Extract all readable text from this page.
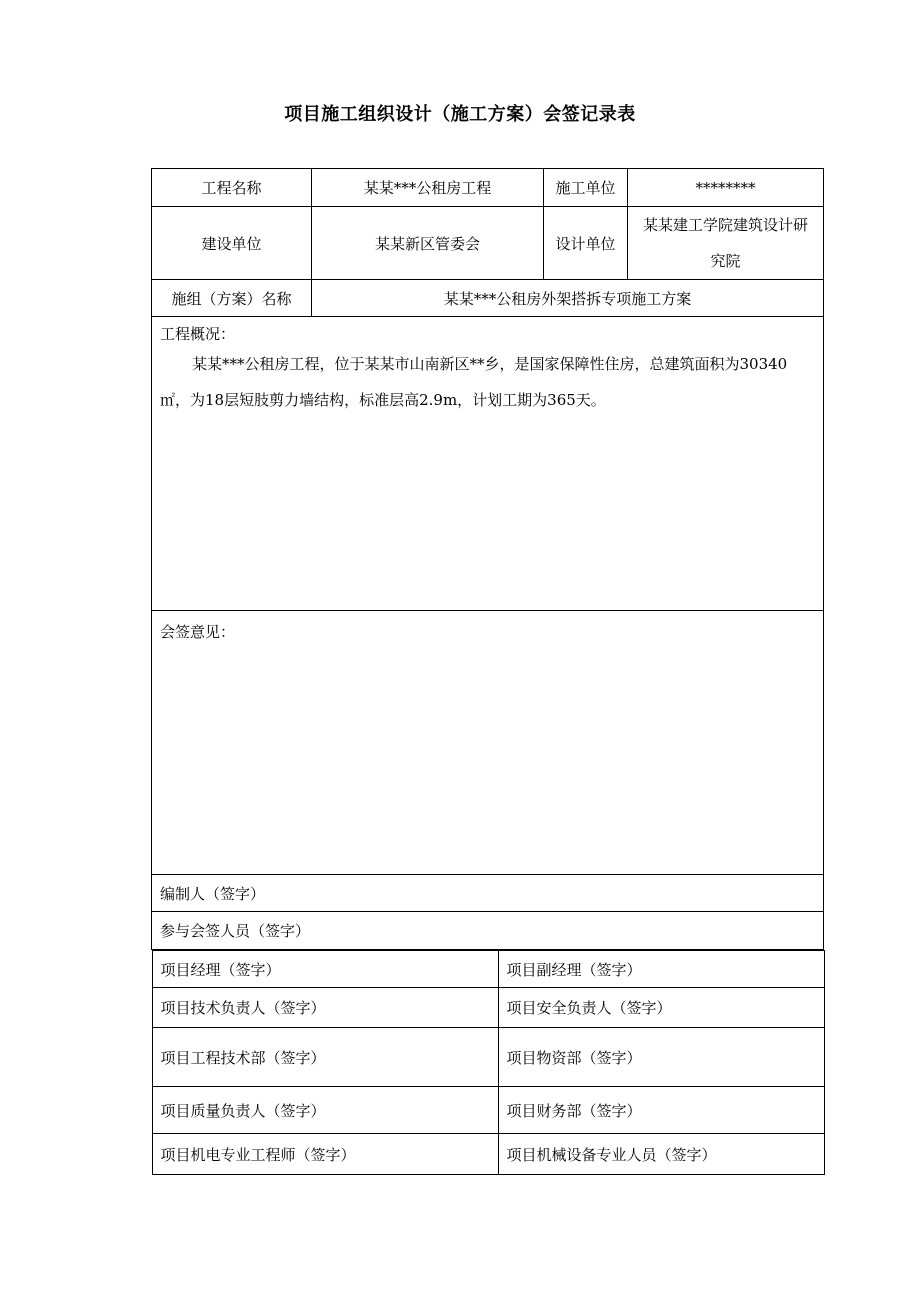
项目施工组织设计（施工方案）会签记录表
工程名称	某某***公租房工程	施工单位	********
建设单位	某某新区管委会	设计单位	某某建工学院建筑设计研究院
施组（方案）名称	某某***公租房外架搭拆专项施工方案

工程概况：
某某***公租房工程，位于某某市山南新区**乡，是国家保障性住房，总建筑面积为30340㎡，为18层短肢剪力墙结构，标准层高2.9m，计划工期为365天。

会签意见：

编制人（签字）
参与会签人员（签字）

项目经理（签字）	项目副经理（签字）
项目技术负责人（签字）	项目安全负责人（签字）
项目工程技术部（签字）	项目物资部（签字）
项目质量负责人（签字）	项目财务部（签字）
项目机电专业工程师（签字）	项目机械设备专业人员（签字）
